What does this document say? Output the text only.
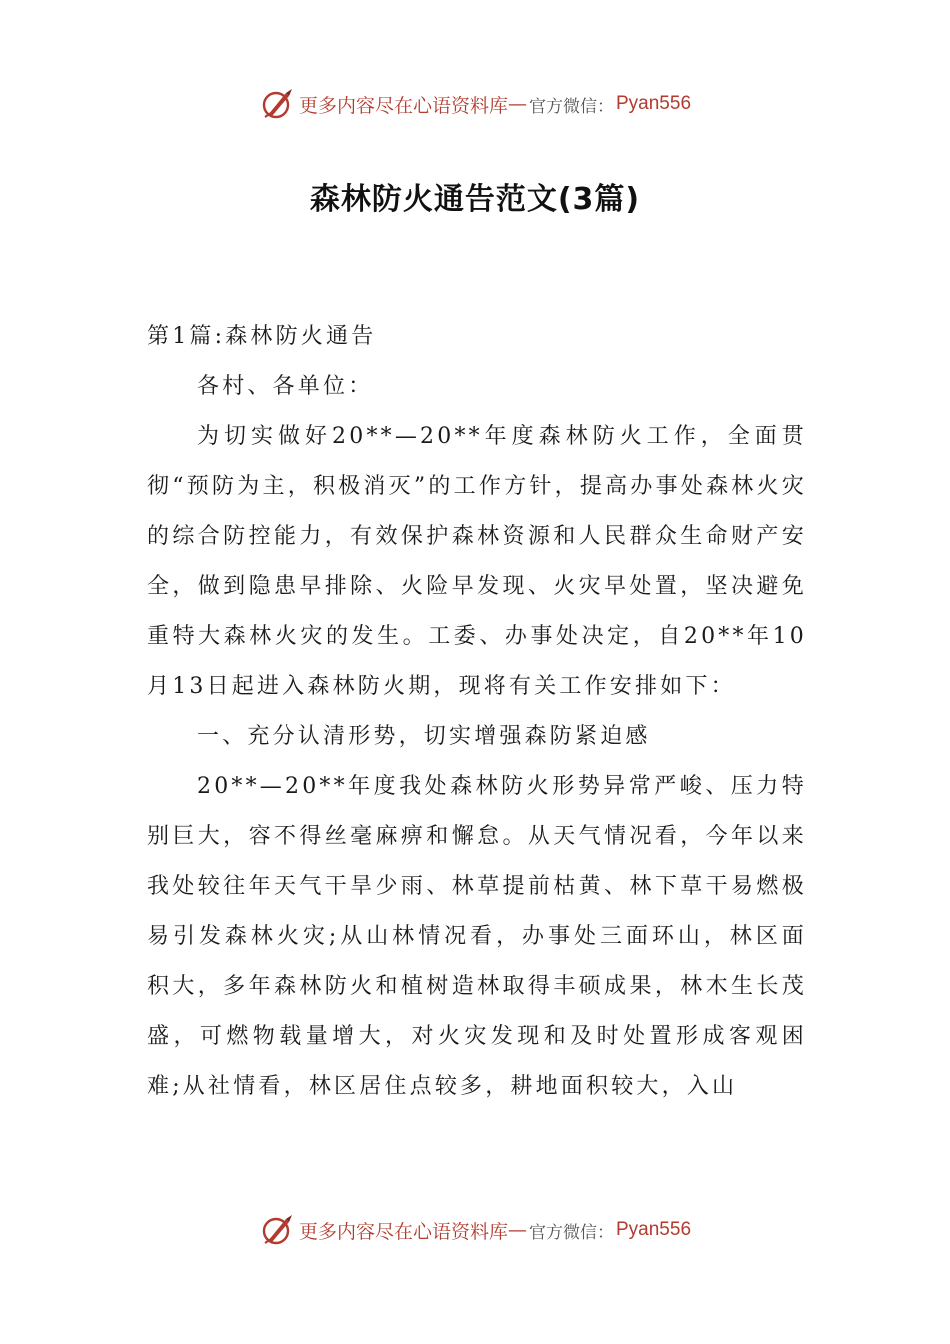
更多内容尽在心语资料库 — 官方微信： Pyan556
森林防火通告范文(3篇)

第1篇:森林防火通告

各村、各单位：

为切实做好20**—20**年度森林防火工作，全面贯彻“预防为主，积极消灭”的工作方针，提高办事处森林火灾的综合防控能力，有效保护森林资源和人民群众生命财产安全，做到隐患早排除、火险早发现、火灾早处置，坚决避免重特大森林火灾的发生。工委、办事处决定，自20**年10月13日起进入森林防火期，现将有关工作安排如下：

一、充分认清形势，切实增强森防紧迫感

20**—20**年度我处森林防火形势异常严峻、压力特别巨大，容不得丝毫麻痹和懈怠。从天气情况看，今年以来我处较往年天气干旱少雨、林草提前枯黄、林下草干易燃极易引发森林火灾;从山林情况看，办事处三面环山，林区面积大，多年森林防火和植树造林取得丰硕成果，林木生长茂盛，可燃物载量增大，对火灾发现和及时处置形成客观困难;从社情看，林区居住点较多，耕地面积较大，入山

更多内容尽在心语资料库 — 官方微信： Pyan556
